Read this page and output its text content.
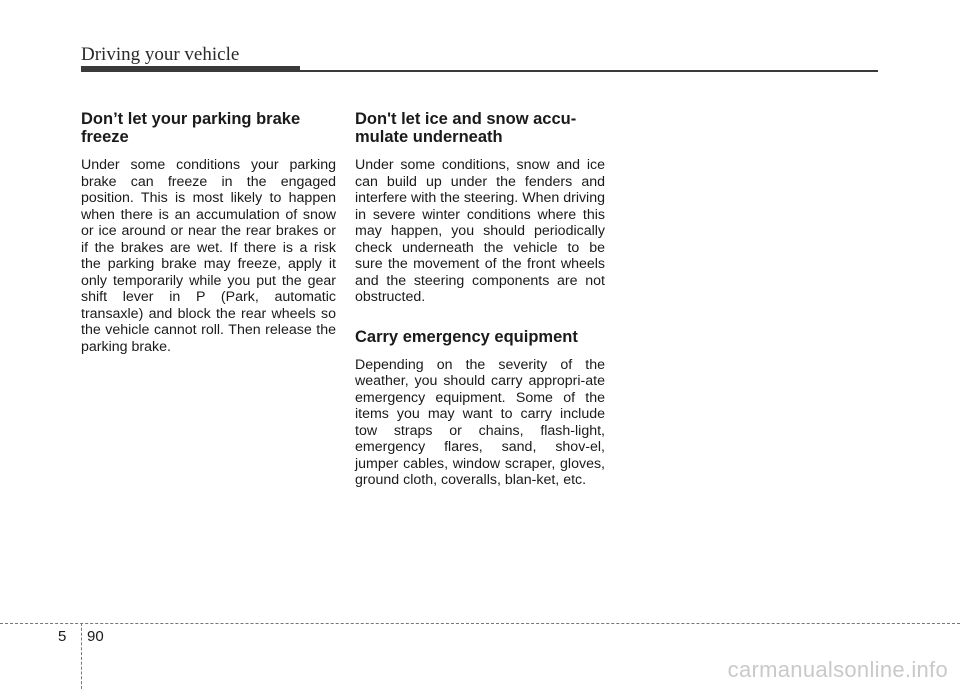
Driving your vehicle
Don’t let your parking brake
freeze

Under some conditions your parking brake can freeze in the engaged position. This is most likely to happen when there is an accumulation of snow or ice around or near the rear brakes or if the brakes are wet. If there is a risk the parking brake may freeze, apply it only temporarily while you put the gear shift lever in P (Park, automatic transaxle) and block the rear wheels so the vehicle cannot roll. Then release the parking brake.

Don't let ice and snow accu-
mulate underneath

Under some conditions, snow and ice can build up under the fenders and interfere with the steering. When driving in severe winter conditions where this may happen, you should periodically check underneath the vehicle to be sure the movement of the front wheels and the steering components are not obstructed.

Carry emergency equipment

Depending on the severity of the weather, you should carry appropri-ate emergency equipment. Some of the items you may want to carry include tow straps or chains, flash-light, emergency flares, sand, shov-el, jumper cables, window scraper, gloves, ground cloth, coveralls, blan-ket, etc.

5 90
carmanualsonline.info
